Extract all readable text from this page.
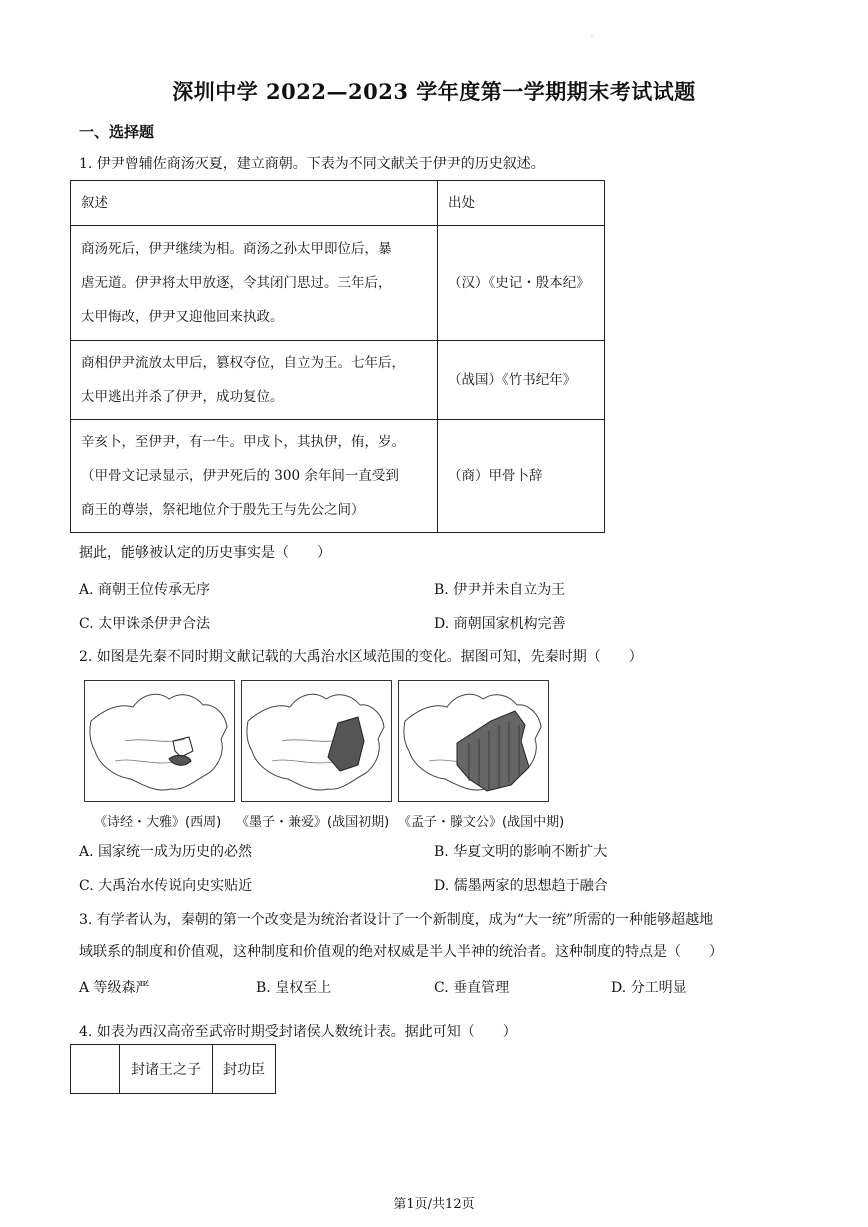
·
深圳中学 2022—2023 学年度第一学期期末考试试题
一、选择题
1. 伊尹曾辅佐商汤灭夏，建立商朝。下表为不同文献关于伊尹的历史叙述。
叙述	出处

商汤死后，伊尹继续为相。商汤之孙太甲即位后，暴
虐无道。伊尹将太甲放逐，令其闭门思过。三年后，
太甲悔改，伊尹又迎他回来执政。	（汉）《史记・殷本纪》

商相伊尹流放太甲后，篡权夺位，自立为王。七年后，
太甲逃出并杀了伊尹，成功复位。	（战国）《竹书纪年》

辛亥卜，至伊尹，有一牛。甲戌卜，其执伊，侑，岁。
（甲骨文记录显示，伊尹死后的 300 余年间一直受到
商王的尊崇，祭祀地位介于殷先王与先公之间）	（商）甲骨卜辞
据此，能够被认定的历史事实是（　　）
A. 商朝王位传承无序	B. 伊尹并未自立为王
C. 太甲诛杀伊尹合法	D. 商朝国家机构完善
2. 如图是先秦不同时期文献记载的大禹治水区域范围的变化。据图可知，先秦时期（　　）
《诗经・大雅》(西周) 《墨子・兼爱》(战国初期) 《孟子・滕文公》(战国中期)
A. 国家统一成为历史的必然	B. 华夏文明的影响不断扩大
C. 大禹治水传说向史实贴近	D. 儒墨两家的思想趋于融合
3. 有学者认为，秦朝的第一个改变是为统治者设计了一个新制度，成为“大一统”所需的一种能够超越地
域联系的制度和价值观，这种制度和价值观的绝对权威是半人半神的统治者。这种制度的特点是（　　）
A 等级森严	B. 皇权至上	C. 垂直管理	D. 分工明显
4. 如表为西汉高帝至武帝时期受封诸侯人数统计表。据此可知（　　）
	封诸王之子	封功臣
第1页/共12页
